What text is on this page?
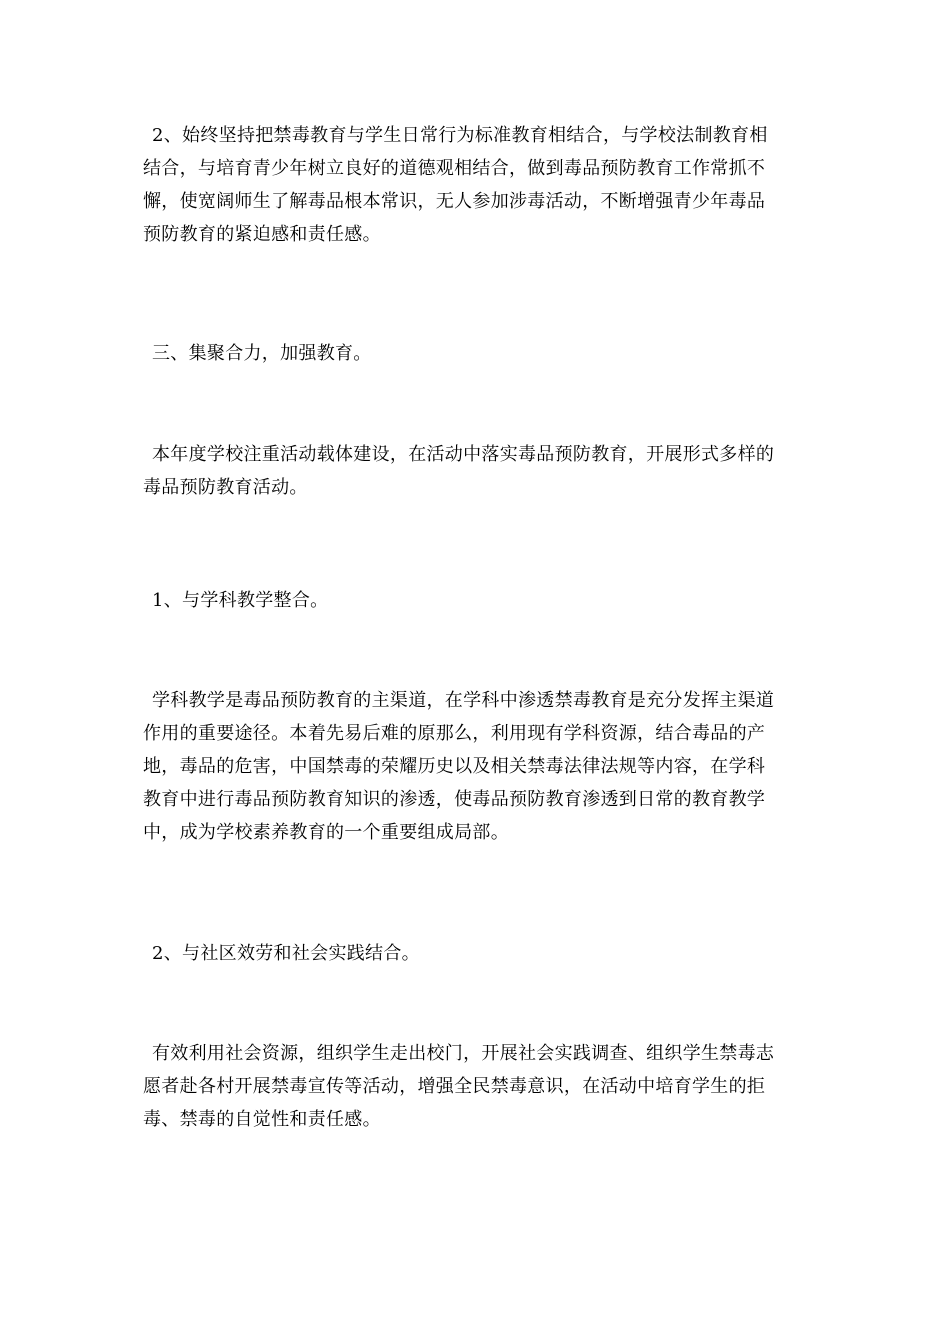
2、始终坚持把禁毒教育与学生日常行为标准教育相结合，与学校法制教育相
结合，与培育青少年树立良好的道德观相结合，做到毒品预防教育工作常抓不
懈，使宽阔师生了解毒品根本常识，无人参加涉毒活动，不断增强青少年毒品
预防教育的紧迫感和责任感。
三、集聚合力，加强教育。
本年度学校注重活动载体建设，在活动中落实毒品预防教育，开展形式多样的
毒品预防教育活动。
1、与学科教学整合。
学科教学是毒品预防教育的主渠道，在学科中渗透禁毒教育是充分发挥主渠道
作用的重要途径。本着先易后难的原那么，利用现有学科资源，结合毒品的产
地，毒品的危害，中国禁毒的荣耀历史以及相关禁毒法律法规等内容，在学科
教育中进行毒品预防教育知识的渗透，使毒品预防教育渗透到日常的教育教学
中，成为学校素养教育的一个重要组成局部。
2、与社区效劳和社会实践结合。
有效利用社会资源，组织学生走出校门，开展社会实践调查、组织学生禁毒志
愿者赴各村开展禁毒宣传等活动，增强全民禁毒意识，在活动中培育学生的拒
毒、禁毒的自觉性和责任感。
